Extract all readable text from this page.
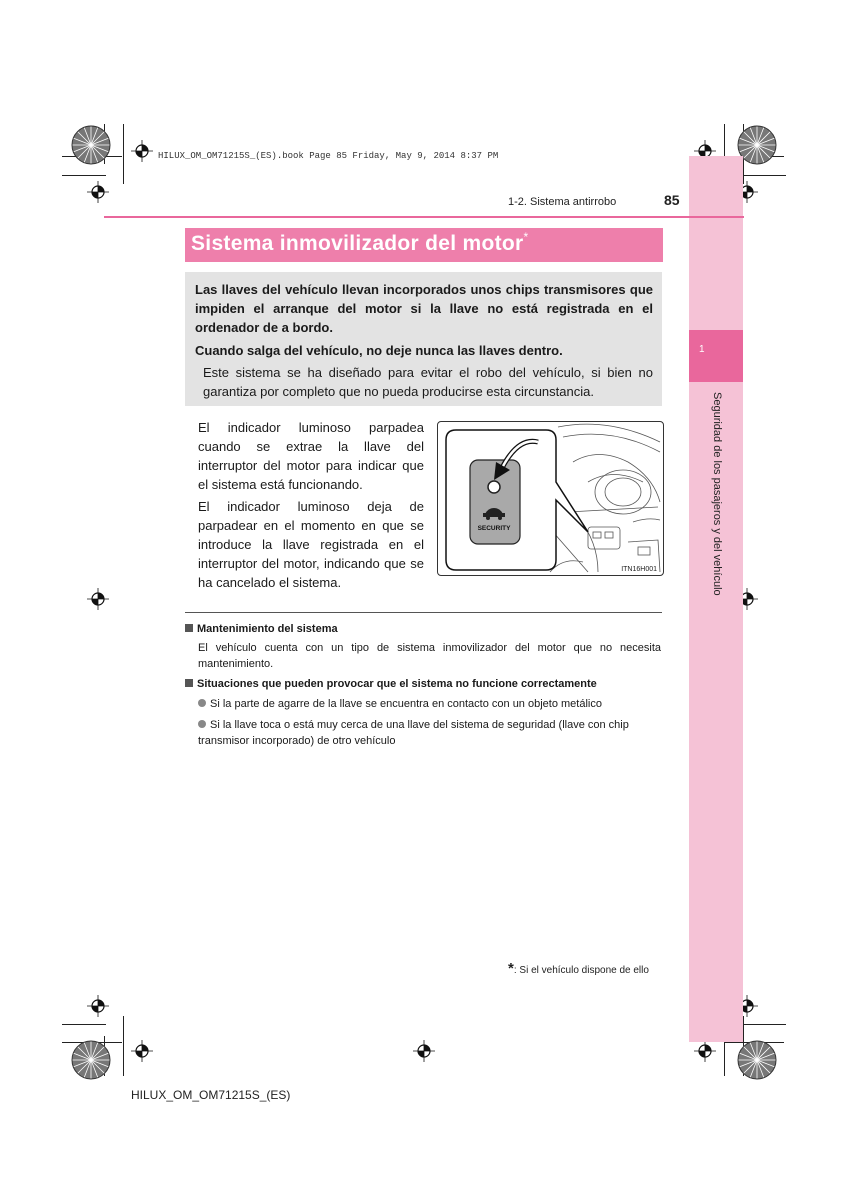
HILUX_OM_OM71215S_(ES).book Page 85 Friday, May 9, 2014 8:37 PM
1
Seguridad de los pasajeros y del vehículo
1-2. Sistema antirrobo	85
Sistema inmovilizador del motor*
Las llaves del vehículo llevan incorporados unos chips transmisores que impiden el arranque del motor si la llave no está registrada en el ordenador de a bordo.
Cuando salga del vehículo, no deje nunca las llaves dentro.
Este sistema se ha diseñado para evitar el robo del vehículo, si bien no garantiza por completo que no pueda producirse esta circunstancia.
El indicador luminoso parpadea cuando se extrae la llave del interruptor del motor para indicar que el sistema está funcionando.
El indicador luminoso deja de parpadear en el momento en que se introduce la llave registrada en el interruptor del motor, indicando que se ha cancelado el sistema.
SECURITY
ITN16H001
Mantenimiento del sistema
El vehículo cuenta con un tipo de sistema inmovilizador del motor que no necesita mantenimiento.
Situaciones que pueden provocar que el sistema no funcione correctamente
Si la parte de agarre de la llave se encuentra en contacto con un objeto metálico
Si la llave toca o está muy cerca de una llave del sistema de seguridad (llave con chip transmisor incorporado) de otro vehículo
*: Si el vehículo dispone de ello
HILUX_OM_OM71215S_(ES)
